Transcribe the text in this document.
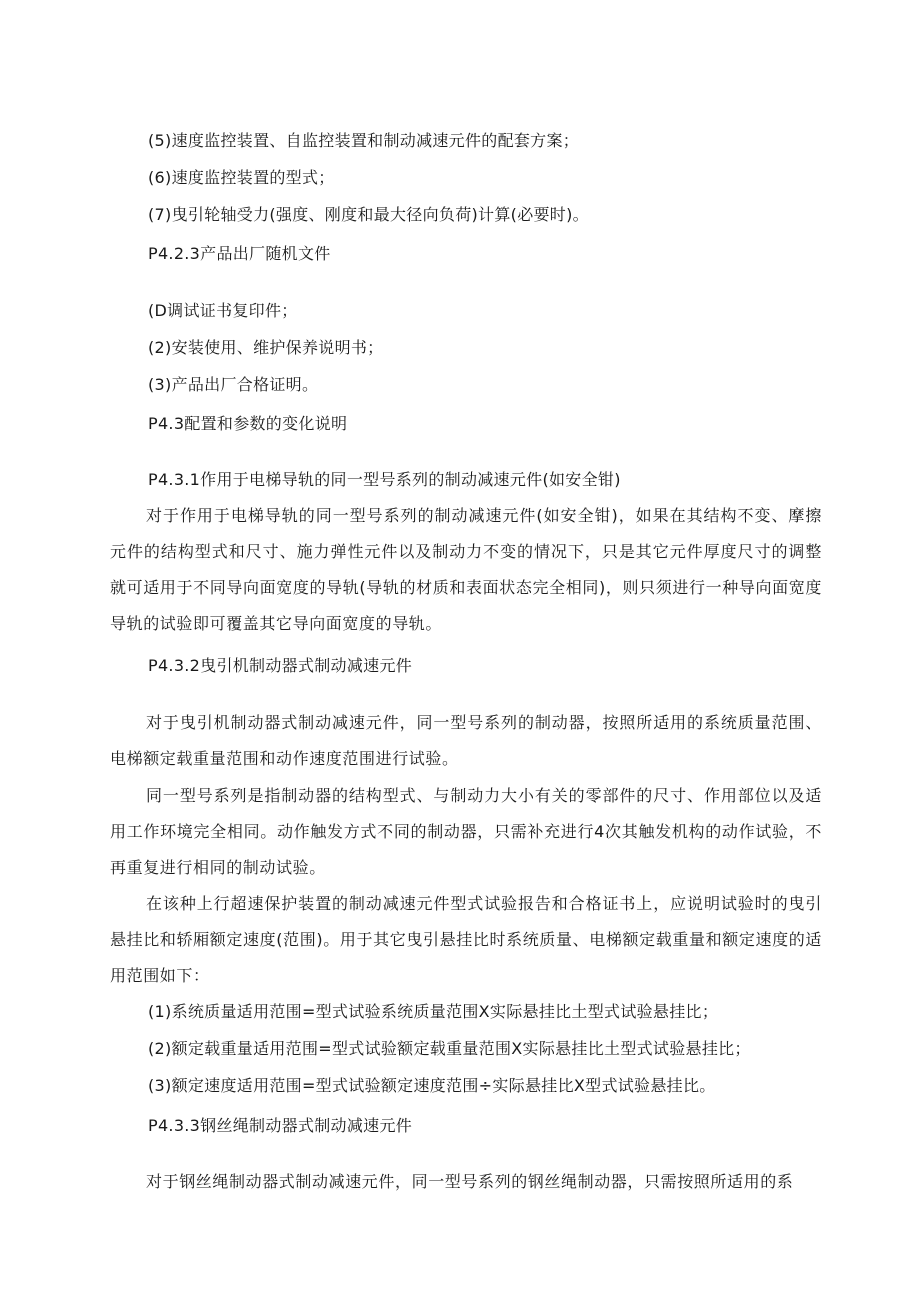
(5)速度监控装置、自监控装置和制动减速元件的配套方案；
(6)速度监控装置的型式；
(7)曳引轮轴受力(强度、刚度和最大径向负荷)计算(必要时)。
P4.2.3产品出厂随机文件
(D调试证书复印件；
(2)安装使用、维护保养说明书；
(3)产品出厂合格证明。
P4.3配置和参数的变化说明
P4.3.1作用于电梯导轨的同一型号系列的制动减速元件(如安全钳)
对于作用于电梯导轨的同一型号系列的制动减速元件(如安全钳)，如果在其结构不变、摩擦元件的结构型式和尺寸、施力弹性元件以及制动力不变的情况下，只是其它元件厚度尺寸的调整就可适用于不同导向面宽度的导轨(导轨的材质和表面状态完全相同)，则只须进行一种导向面宽度导轨的试验即可覆盖其它导向面宽度的导轨。
P4.3.2曳引机制动器式制动减速元件
对于曳引机制动器式制动减速元件，同一型号系列的制动器，按照所适用的系统质量范围、电梯额定载重量范围和动作速度范围进行试验。
同一型号系列是指制动器的结构型式、与制动力大小有关的零部件的尺寸、作用部位以及适用工作环境完全相同。动作触发方式不同的制动器，只需补充进行4次其触发机构的动作试验，不再重复进行相同的制动试验。
在该种上行超速保护装置的制动减速元件型式试验报告和合格证书上，应说明试验时的曳引悬挂比和轿厢额定速度(范围)。用于其它曳引悬挂比时系统质量、电梯额定载重量和额定速度的适用范围如下：
(1)系统质量适用范围=型式试验系统质量范围X实际悬挂比土型式试验悬挂比；
(2)额定载重量适用范围=型式试验额定载重量范围X实际悬挂比土型式试验悬挂比；
(3)额定速度适用范围=型式试验额定速度范围÷实际悬挂比X型式试验悬挂比。
P4.3.3钢丝绳制动器式制动减速元件
对于钢丝绳制动器式制动减速元件，同一型号系列的钢丝绳制动器，只需按照所适用的系
